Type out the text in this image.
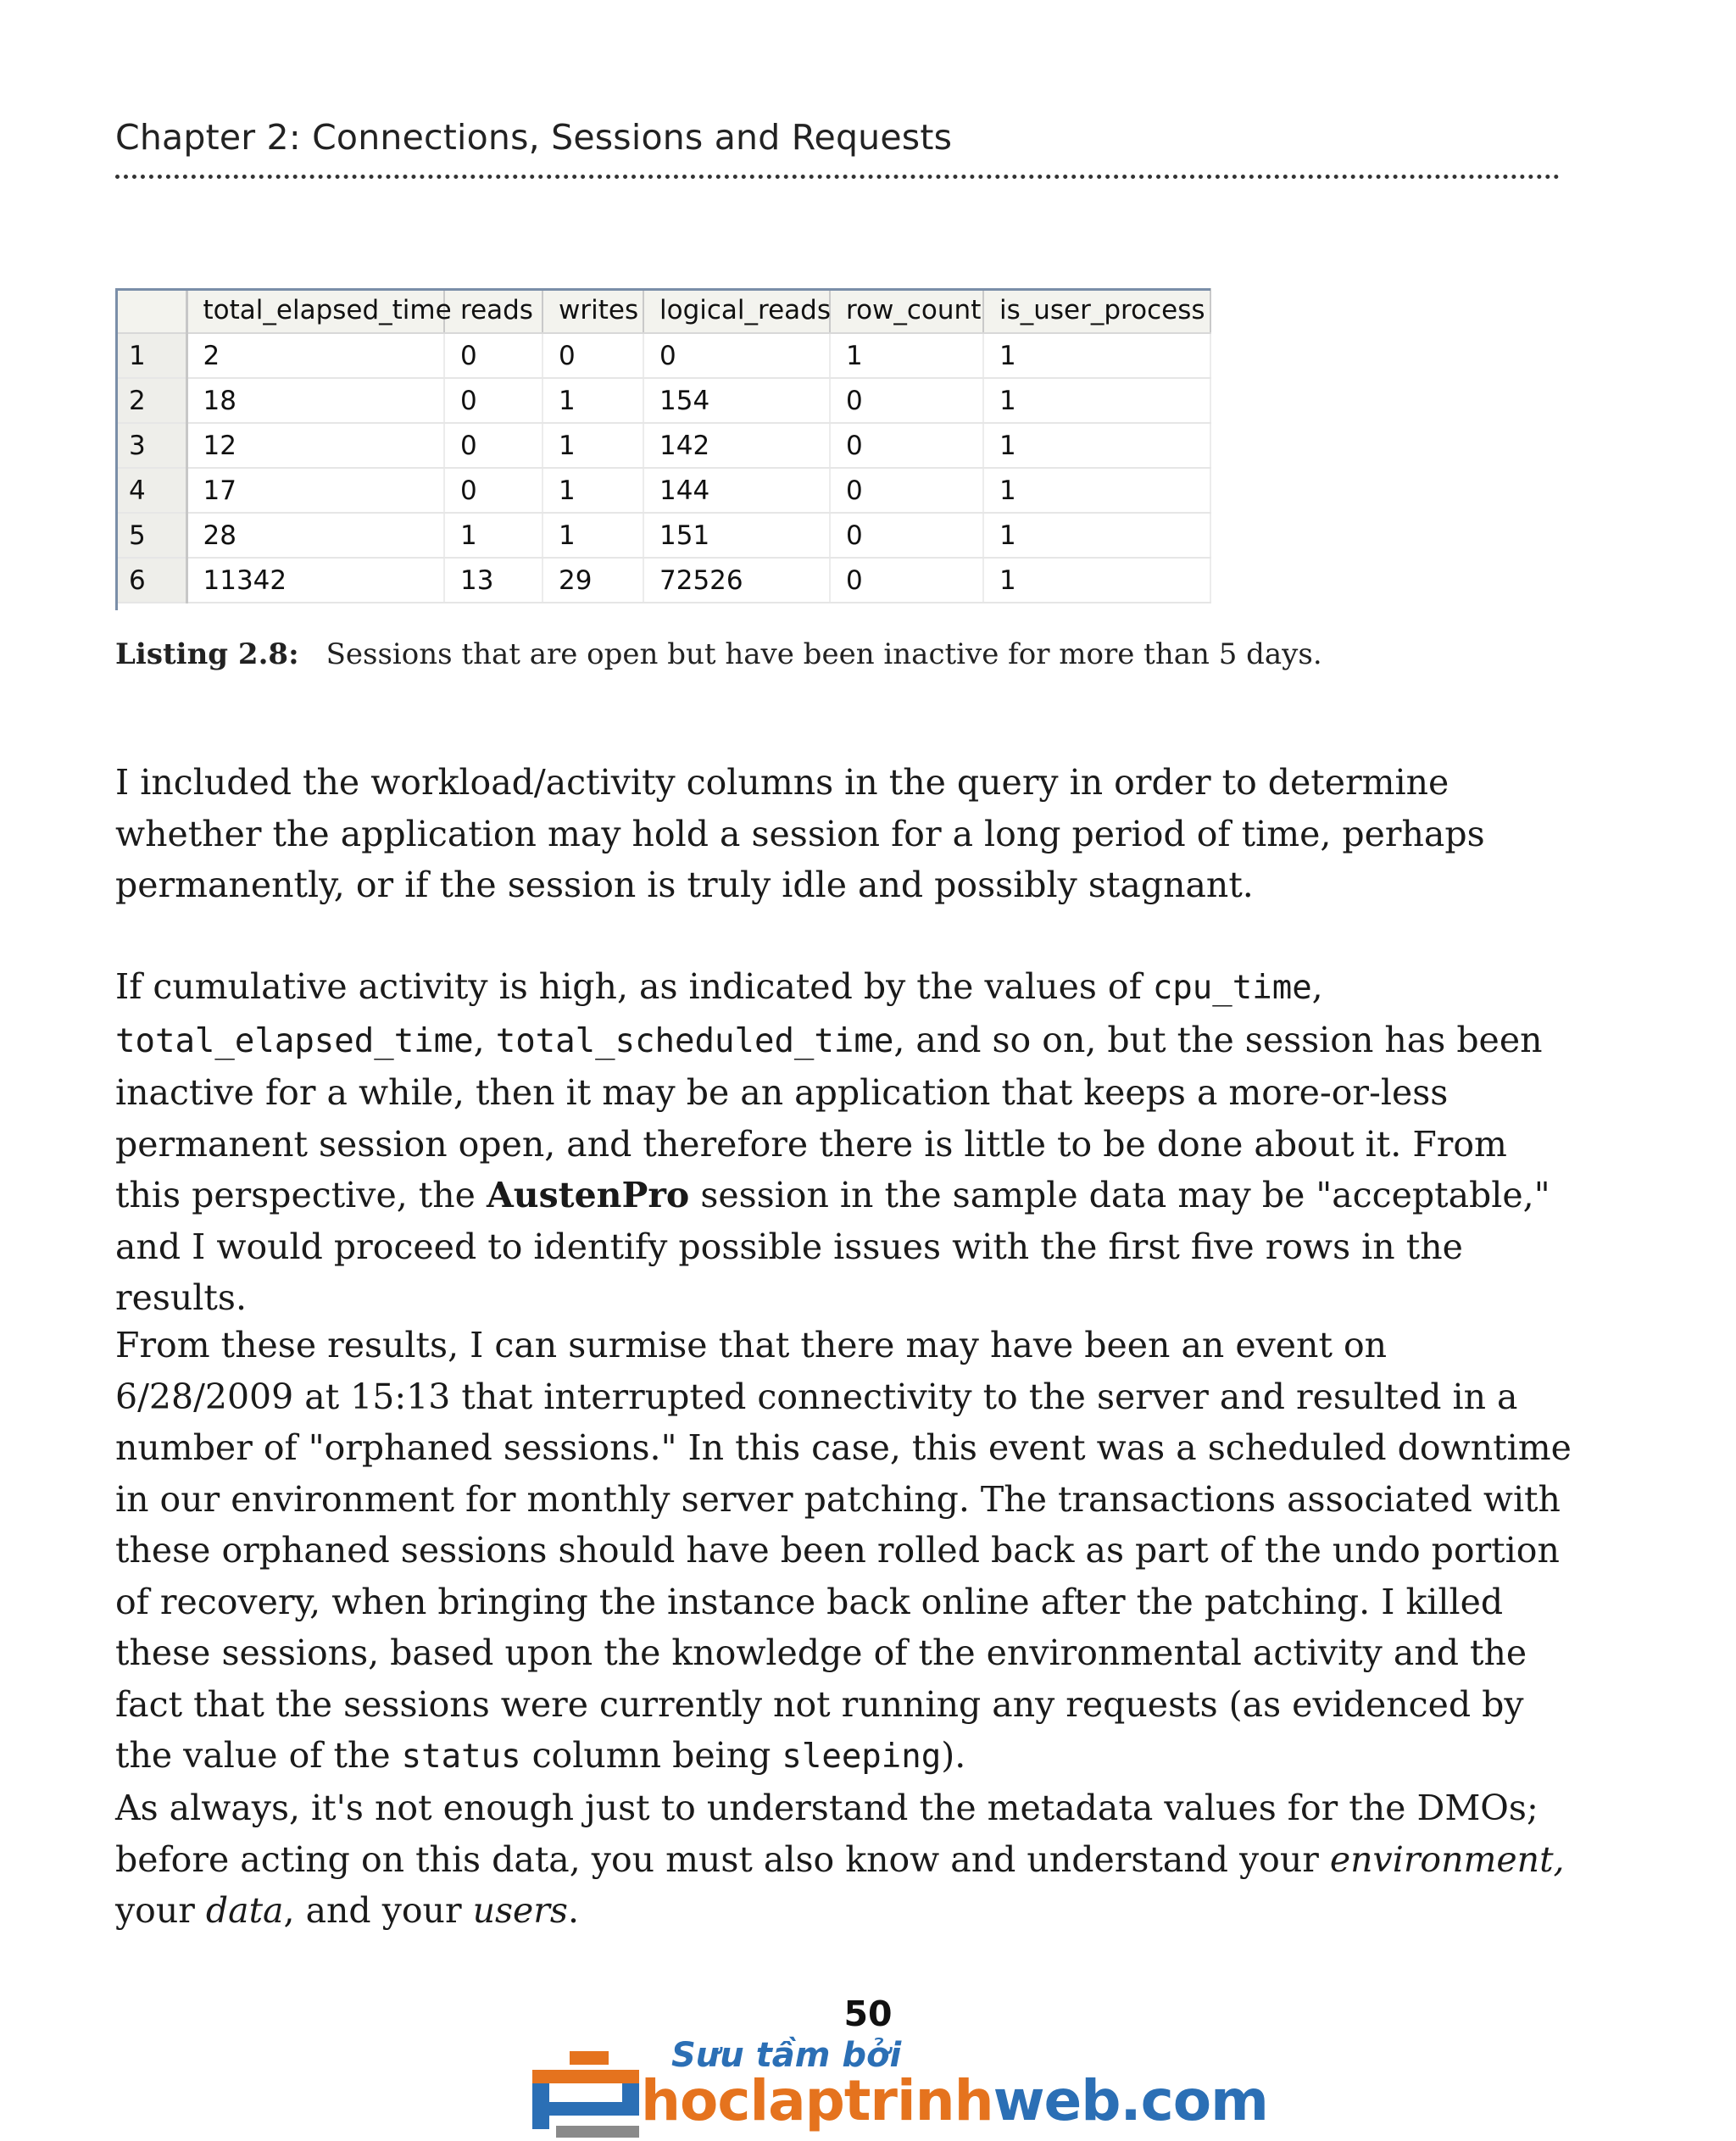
Chapter 2: Connections, Sessions and Requests
	total_elapsed_time	reads	writes	logical_reads	row_count	is_user_process
1	2	0	0	0	1	1
2	18	0	1	154	0	1
3	12	0	1	142	0	1
4	17	0	1	144	0	1
5	28	1	1	151	0	1
6	11342	13	29	72526	0	1
Listing 2.8: Sessions that are open but have been inactive for more than 5 days.

I included the workload/activity columns in the query in order to determine whether the application may hold a session for a long period of time, perhaps permanently, or if the session is truly idle and possibly stagnant.

If cumulative activity is high, as indicated by the values of cpu_time, total_elapsed_time, total_scheduled_time, and so on, but the session has been inactive for a while, then it may be an application that keeps a more-or-less permanent session open, and therefore there is little to be done about it. From this perspective, the AustenPro session in the sample data may be "acceptable," and I would proceed to identify possible issues with the first five rows in the results.

From these results, I can surmise that there may have been an event on 6/28/2009 at 15:13 that interrupted connectivity to the server and resulted in a number of "orphaned sessions." In this case, this event was a scheduled downtime in our environment for monthly server patching. The transactions associated with these orphaned sessions should have been rolled back as part of the undo portion of recovery, when bringing the instance back online after the patching. I killed these sessions, based upon the knowledge of the environmental activity and the fact that the sessions were currently not running any requests (as evidenced by the value of the status column being sleeping).

As always, it's not enough just to understand the metadata values for the DMOs; before acting on this data, you must also know and understand your environment, your data, and your users.

50
Sưu tầm bởi
hoclaptrinhweb.com
